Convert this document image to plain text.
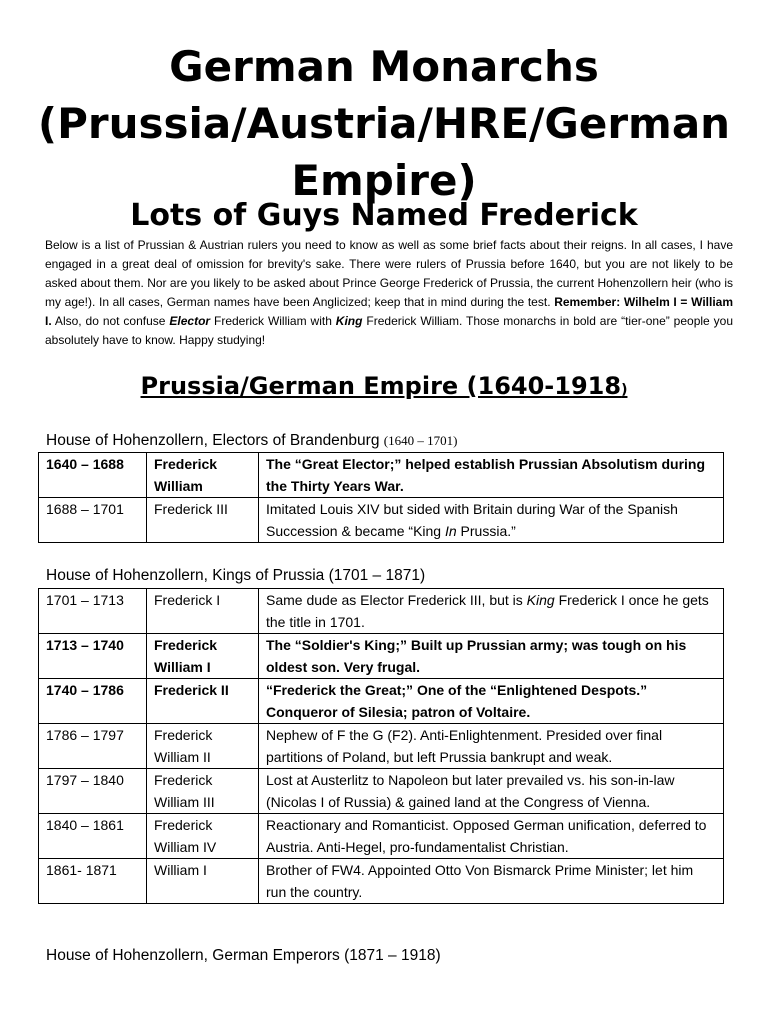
German Monarchs (Prussia/Austria/HRE/German Empire)
Lots of Guys Named Frederick

Below is a list of Prussian & Austrian rulers you need to know as well as some brief facts about their reigns. In all cases, I have engaged in a great deal of omission for brevity's sake. There were rulers of Prussia before 1640, but you are not likely to be asked about them. Nor are you likely to be asked about Prince George Frederick of Prussia, the current Hohenzollern heir (who is my age!). In all cases, German names have been Anglicized; keep that in mind during the test. Remember: Wilhelm I = William I. Also, do not confuse Elector Frederick William with King Frederick William. Those monarchs in bold are “tier-one” people you absolutely have to know. Happy studying!

Prussia/German Empire (1640-1918)

House of Hohenzollern, Electors of Brandenburg (1640 – 1701)

1640 – 1688	Frederick William	The “Great Elector;” helped establish Prussian Absolutism during the Thirty Years War.
1688 – 1701	Frederick III	Imitated Louis XIV but sided with Britain during War of the Spanish Succession & became “King In Prussia.”

House of Hohenzollern, Kings of Prussia (1701 – 1871)

1701 – 1713	Frederick I	Same dude as Elector Frederick III, but is King Frederick I once he gets the title in 1701.
1713 – 1740	Frederick William I	The “Soldier's King;” Built up Prussian army; was tough on his oldest son. Very frugal.
1740 – 1786	Frederick II	“Frederick the Great;” One of the “Enlightened Despots.” Conqueror of Silesia; patron of Voltaire.
1786 – 1797	Frederick William II	Nephew of F the G (F2). Anti-Enlightenment. Presided over final partitions of Poland, but left Prussia bankrupt and weak.
1797 – 1840	Frederick William III	Lost at Austerlitz to Napoleon but later prevailed vs. his son-in-law (Nicolas I of Russia) & gained land at the Congress of Vienna.
1840 – 1861	Frederick William IV	Reactionary and Romanticist. Opposed German unification, deferred to Austria. Anti-Hegel, pro-fundamentalist Christian.
1861- 1871	William I	Brother of FW4. Appointed Otto Von Bismarck Prime Minister; let him run the country.

House of Hohenzollern, German Emperors (1871 – 1918)
